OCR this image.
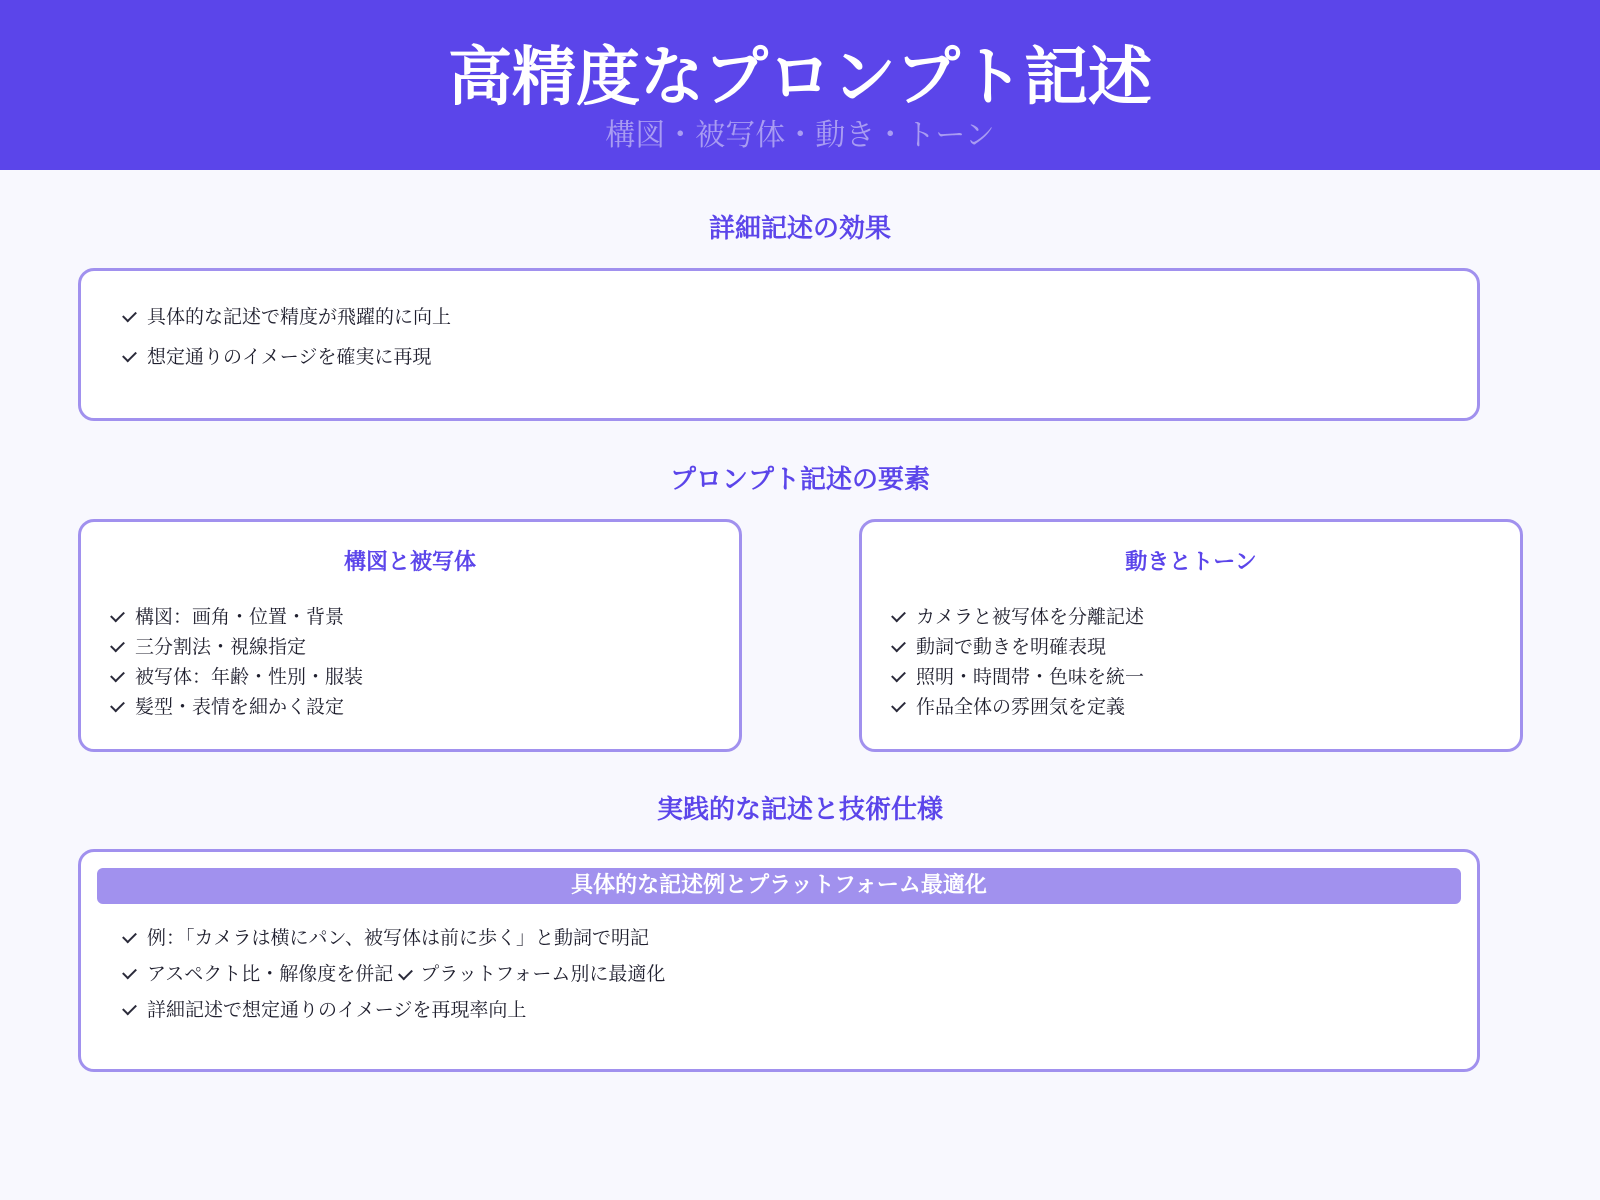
高精度なプロンプト記述
構図・被写体・動き・トーン
詳細記述の効果
具体的な記述で精度が飛躍的に向上
想定通りのイメージを確実に再現
プロンプト記述の要素
構図と被写体
構図：画角・位置・背景
三分割法・視線指定
被写体：年齢・性別・服装
髪型・表情を細かく設定
動きとトーン
カメラと被写体を分離記述
動詞で動きを明確表現
照明・時間帯・色味を統一
作品全体の雰囲気を定義
実践的な記述と技術仕様
具体的な記述例とプラットフォーム最適化
例：「カメラは横にパン、被写体は前に歩く」と動詞で明記
アスペクト比・解像度を併記 プラットフォーム別に最適化
詳細記述で想定通りのイメージを再現率向上
